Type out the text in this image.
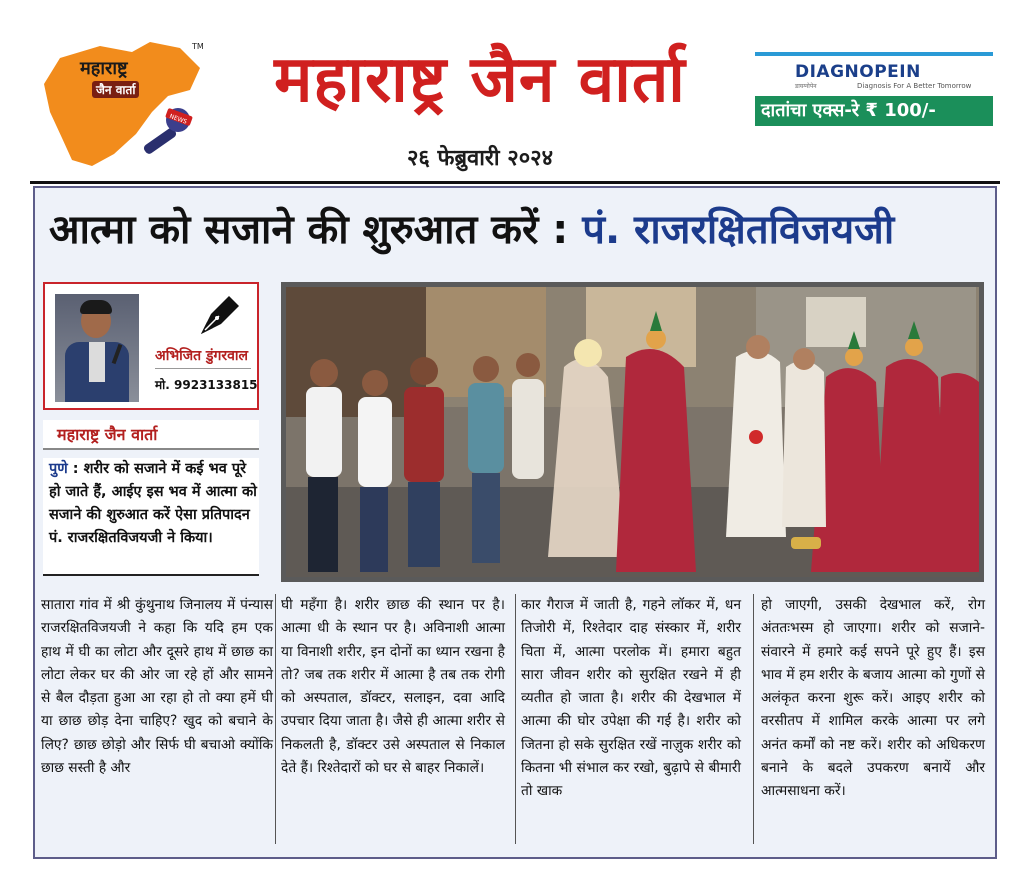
TM
महाराष्ट्र
जैन वार्ता
NEWS
महाराष्ट्र जैन वार्ता
२६ फेब्रुवारी २०२४
DIAGNOPEIN
डायग्नोपेन	Diagnosis For A Better Tomorrow
दातांचा एक्स-रे ₹ 100/-
आत्मा को सजाने की शुरुआत करें : पं. राजरक्षितविजयजी
अभिजित डुंगरवाल
मो. 9923133815
महाराष्ट्र जैन वार्ता
पुणे : शरीर को सजाने में कई भव पूरे हो जाते हैं, आईए इस भव में आत्मा को सजाने की शुरुआत करें ऐसा प्रतिपादन पं. राजरक्षितविजयजी ने किया।
सातारा गांव में श्री कुंथुनाथ जिनालय में पंन्यास राजरक्षितविजयजी ने कहा कि यदि हम एक हाथ में घी का लोटा और दूसरे हाथ में छाछ का लोटा लेकर घर की ओर जा रहे हों और सामने से बैल दौड़ता हुआ आ रहा हो तो क्या हमें घी या छाछ छोड़ देना चाहिए? खुद को बचाने के लिए? छाछ छोड़ो और सिर्फ घी बचाओ क्योंकि छाछ सस्ती है और
घी महँगा है। शरीर छाछ की स्थान पर है। आत्मा धी के स्थान पर है। अविनाशी आत्मा या विनाशी शरीर, इन दोनों का ध्यान रखना है तो? जब तक शरीर में आत्मा है तब तक रोगी को अस्पताल, डॉक्टर, सलाइन, दवा आदि उपचार दिया जाता है। जैसे ही आत्मा शरीर से निकलती है, डॉक्टर उसे अस्पताल से निकाल देते हैं। रिश्तेदारों को घर से बाहर निकालें।
कार गैराज में जाती है, गहने लॉकर में, धन तिजोरी में, रिश्तेदार दाह संस्कार में, शरीर चिता में, आत्मा परलोक में। हमारा बहुत सारा जीवन शरीर को सुरक्षित रखने में ही व्यतीत हो जाता है। शरीर की देखभाल में आत्मा की घोर उपेक्षा की गई है। शरीर को जितना हो सके सुरक्षित रखें नाज़ुक शरीर को कितना भी संभाल कर रखो, बुढ़ापे से बीमारी तो खाक
हो जाएगी, उसकी देखभाल करें, रोग अंततःभस्म हो जाएगा। शरीर को सजाने-संवारने में हमारे कई सपने पूरे हुए हैं। इस भाव में हम शरीर के बजाय आत्मा को गुणों से अलंकृत करना शुरू करें। आइए शरीर को वरसीतप में शामिल करके आत्मा पर लगे अनंत कर्मों को नष्ट करें। शरीर को अधिकरण बनाने के बदले उपकरण बनायें और आत्मसाधना करें।
